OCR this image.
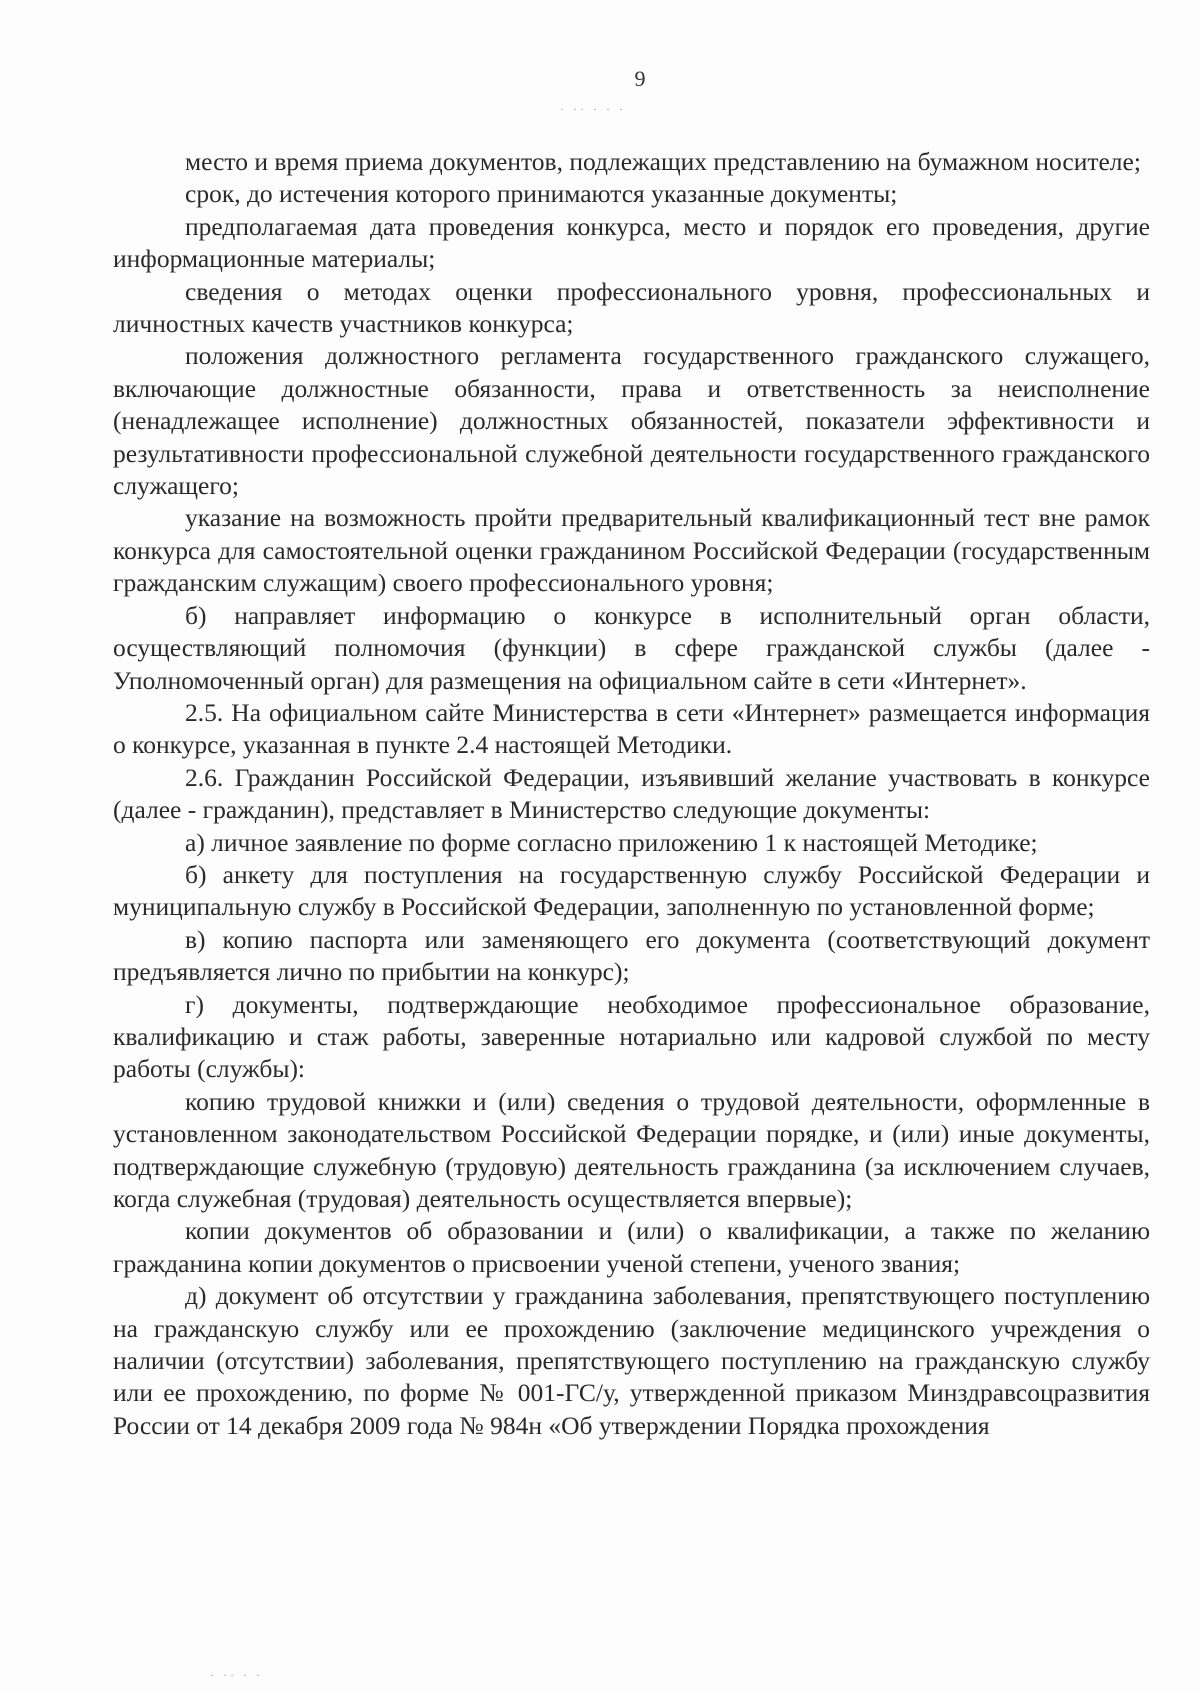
9
· ·· · · ·
· ·· · ·

место и время приема документов, подлежащих представлению на бумажном носителе;

срок, до истечения которого принимаются указанные документы;

предполагаемая дата проведения конкурса, место и порядок его проведения, другие информационные материалы;

сведения о методах оценки профессионального уровня, профессиональных и личностных качеств участников конкурса;

положения должностного регламента государственного гражданского служащего, включающие должностные обязанности, права и ответственность за неисполнение (ненадлежащее исполнение) должностных обязанностей, показатели эффективности и результативности профессиональной служебной деятельности государственного гражданского служащего;

указание на возможность пройти предварительный квалификационный тест вне рамок конкурса для самостоятельной оценки гражданином Российской Федерации (государственным гражданским служащим) своего профессионального уровня;

б) направляет информацию о конкурсе в исполнительный орган области, осуществляющий полномочия (функции) в сфере гражданской службы (далее - Уполномоченный орган) для размещения на официальном сайте в сети «Интернет».

2.5. На официальном сайте Министерства в сети «Интернет» размещается информация о конкурсе, указанная в пункте 2.4 настоящей Методики.

2.6. Гражданин Российской Федерации, изъявивший желание участвовать в конкурсе (далее - гражданин), представляет в Министерство следующие документы:

а) личное заявление по форме согласно приложению 1 к настоящей Методике;

б) анкету для поступления на государственную службу Российской Федерации и муниципальную службу в Российской Федерации, заполненную по установленной форме;

в) копию паспорта или заменяющего его документа (соответствующий документ предъявляется лично по прибытии на конкурс);

г) документы, подтверждающие необходимое профессиональное образование, квалификацию и стаж работы, заверенные нотариально или кадровой службой по месту работы (службы):

копию трудовой книжки и (или) сведения о трудовой деятельности, оформленные в установленном законодательством Российской Федерации порядке, и (или) иные документы, подтверждающие служебную (трудовую) деятельность гражданина (за исключением случаев, когда служебная (трудовая) деятельность осуществляется впервые);

копии документов об образовании и (или) о квалификации, а также по желанию гражданина копии документов о присвоении ученой степени, ученого звания;

д) документ об отсутствии у гражданина заболевания, препятствующего поступлению на гражданскую службу или ее прохождению (заключение медицинского учреждения о наличии (отсутствии) заболевания, препятствующего поступлению на гражданскую службу или ее прохождению, по форме № 001-ГС/у, утвержденной приказом Минздравсоцразвития России от 14 декабря 2009 года № 984н «Об утверждении Порядка прохождения
